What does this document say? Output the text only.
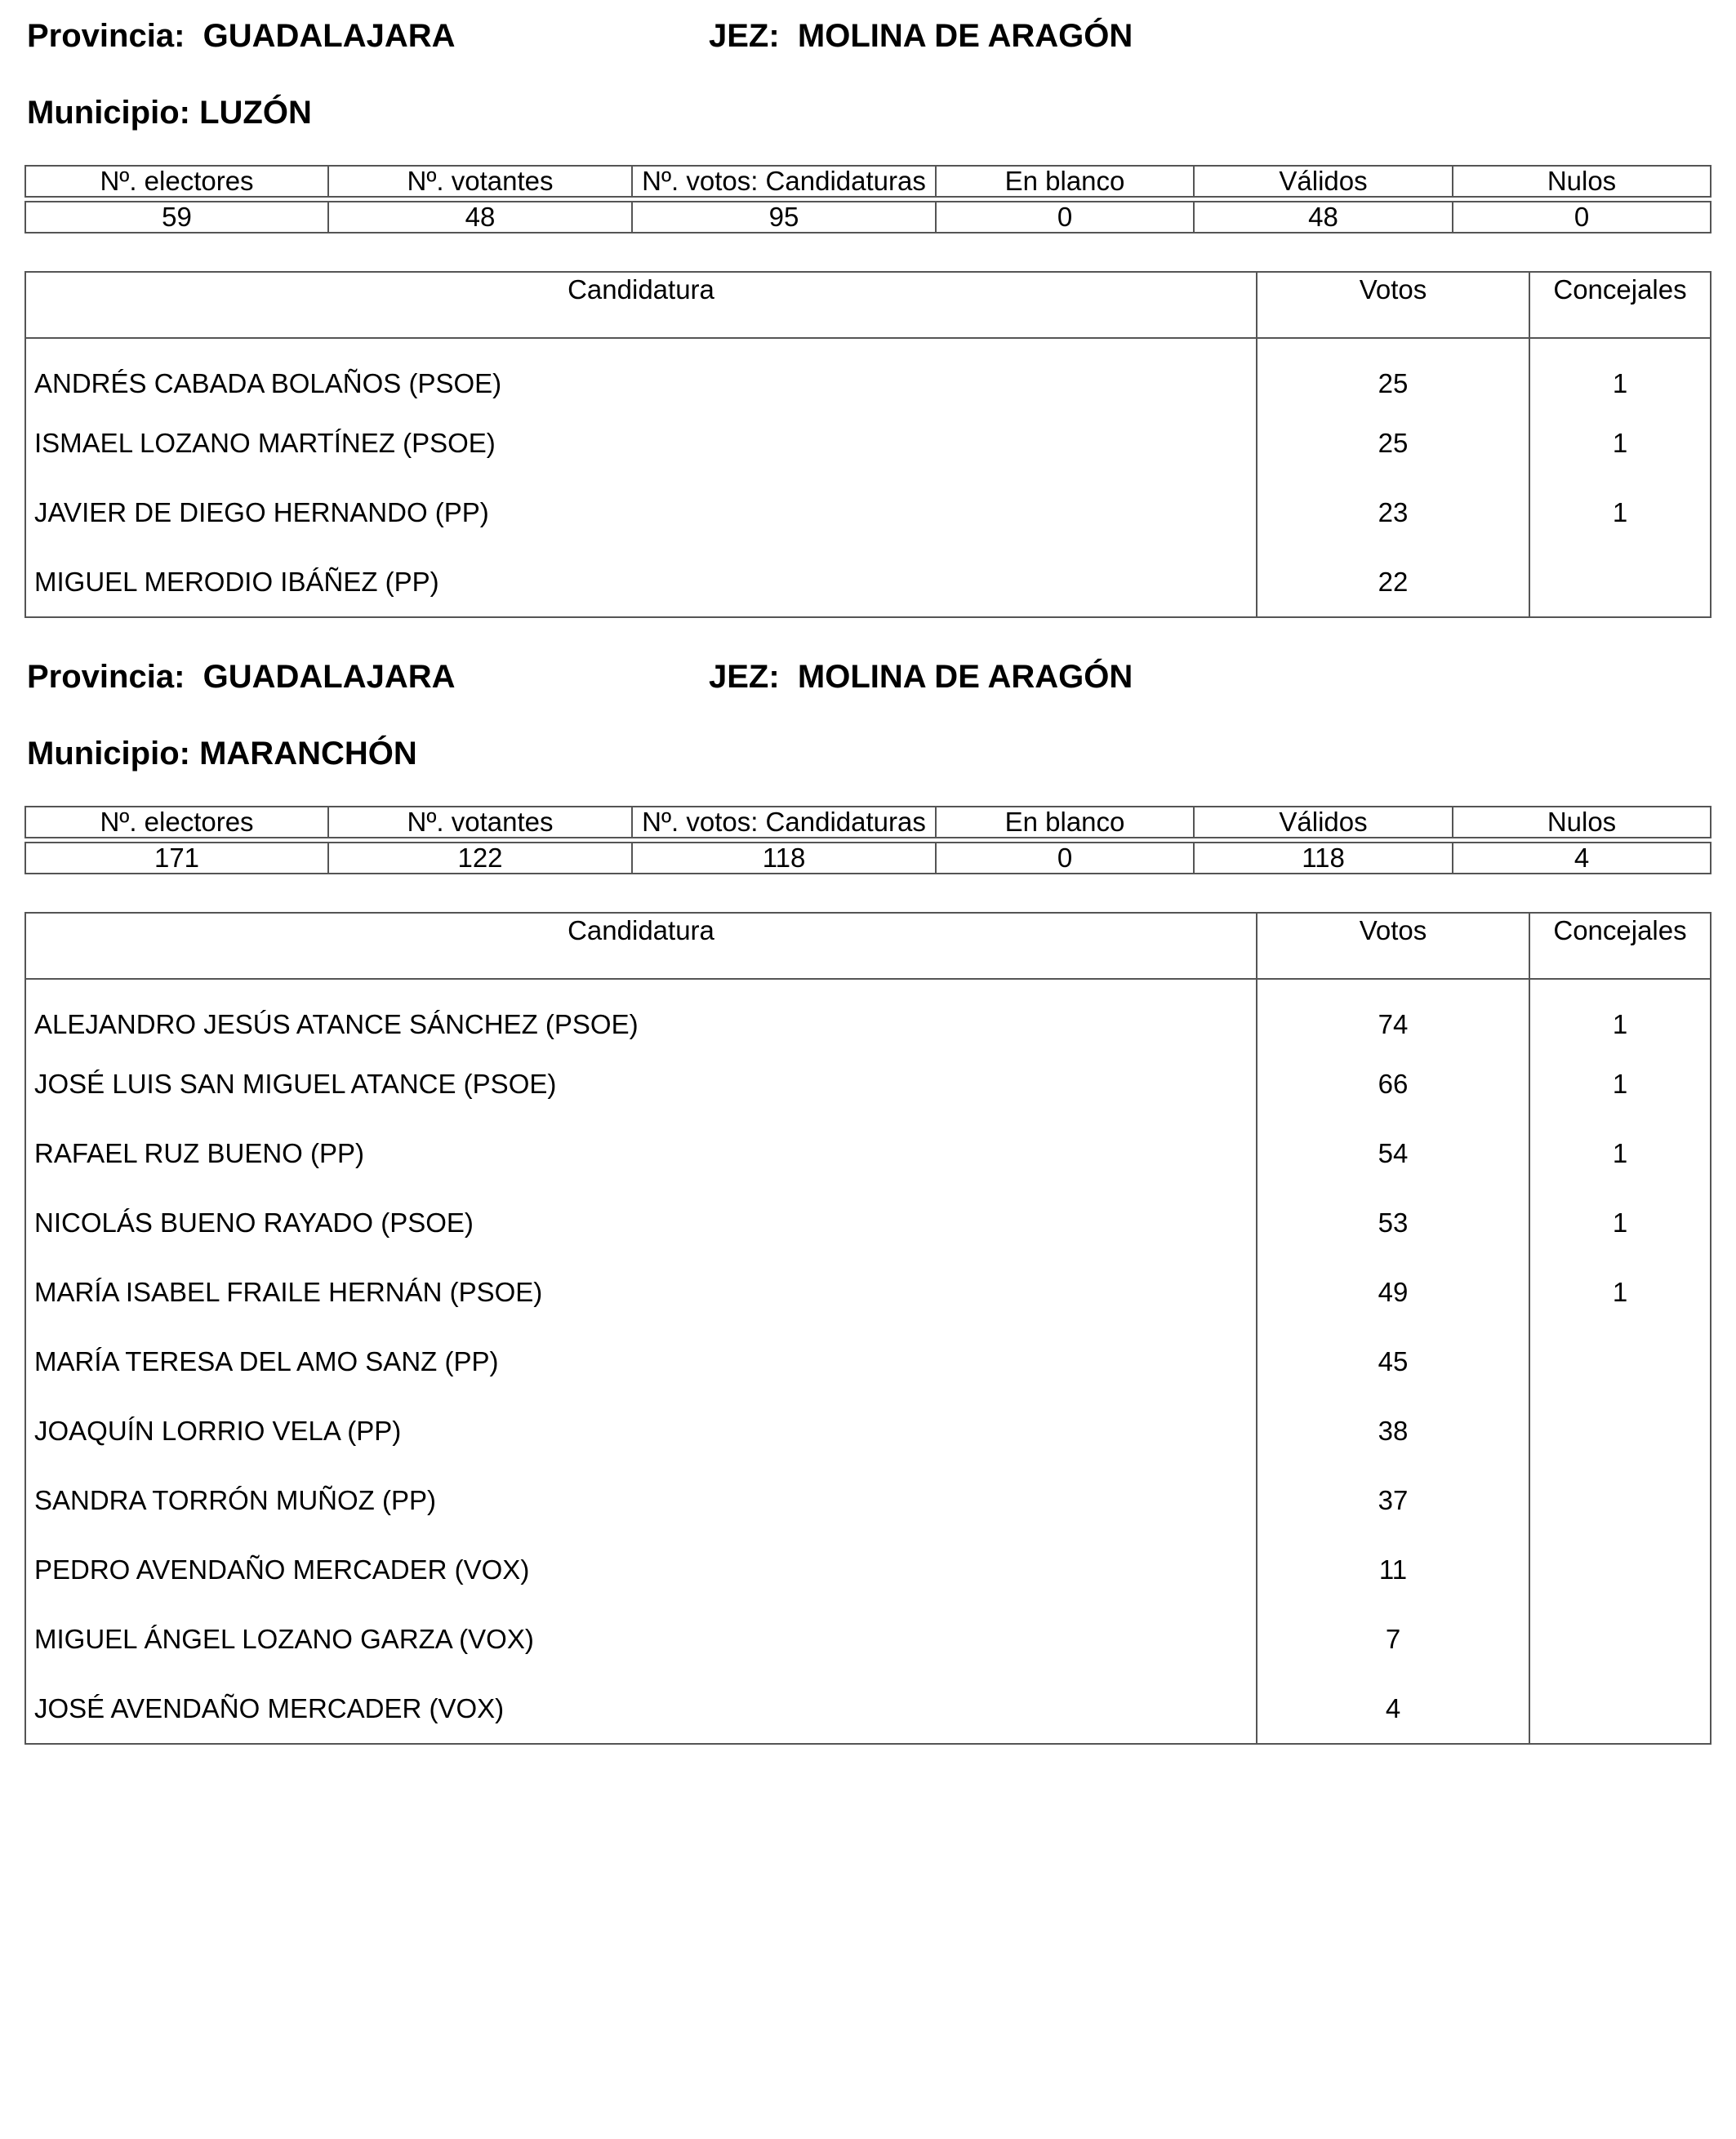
Provincia: GUADALAJARA	JEZ: MOLINA DE ARAGÓN
Municipio: LUZÓN
Nº. electores	Nº. votantes	Nº. votos: Candidaturas	En blanco	Válidos	Nulos

59	48	95	0	48	0
Candidatura	Votos	Concejales
ANDRÉS CABADA BOLAÑOS (PSOE)	25	1
ISMAEL LOZANO MARTÍNEZ (PSOE)	25	1
JAVIER DE DIEGO HERNANDO (PP)	23	1
MIGUEL MERODIO IBÁÑEZ (PP)	22	
Provincia: GUADALAJARA	JEZ: MOLINA DE ARAGÓN
Municipio: MARANCHÓN
Nº. electores	Nº. votantes	Nº. votos: Candidaturas	En blanco	Válidos	Nulos

171	122	118	0	118	4
Candidatura	Votos	Concejales
ALEJANDRO JESÚS ATANCE SÁNCHEZ (PSOE)	74	1
JOSÉ LUIS SAN MIGUEL ATANCE (PSOE)	66	1
RAFAEL RUZ BUENO (PP)	54	1
NICOLÁS BUENO RAYADO (PSOE)	53	1
MARÍA ISABEL FRAILE HERNÁN (PSOE)	49	1
MARÍA TERESA DEL AMO SANZ (PP)	45	
JOAQUÍN LORRIO VELA (PP)	38	
SANDRA TORRÓN MUÑOZ (PP)	37	
PEDRO AVENDAÑO MERCADER (VOX)	11	
MIGUEL ÁNGEL LOZANO GARZA (VOX)	7	
JOSÉ AVENDAÑO MERCADER (VOX)	4	
